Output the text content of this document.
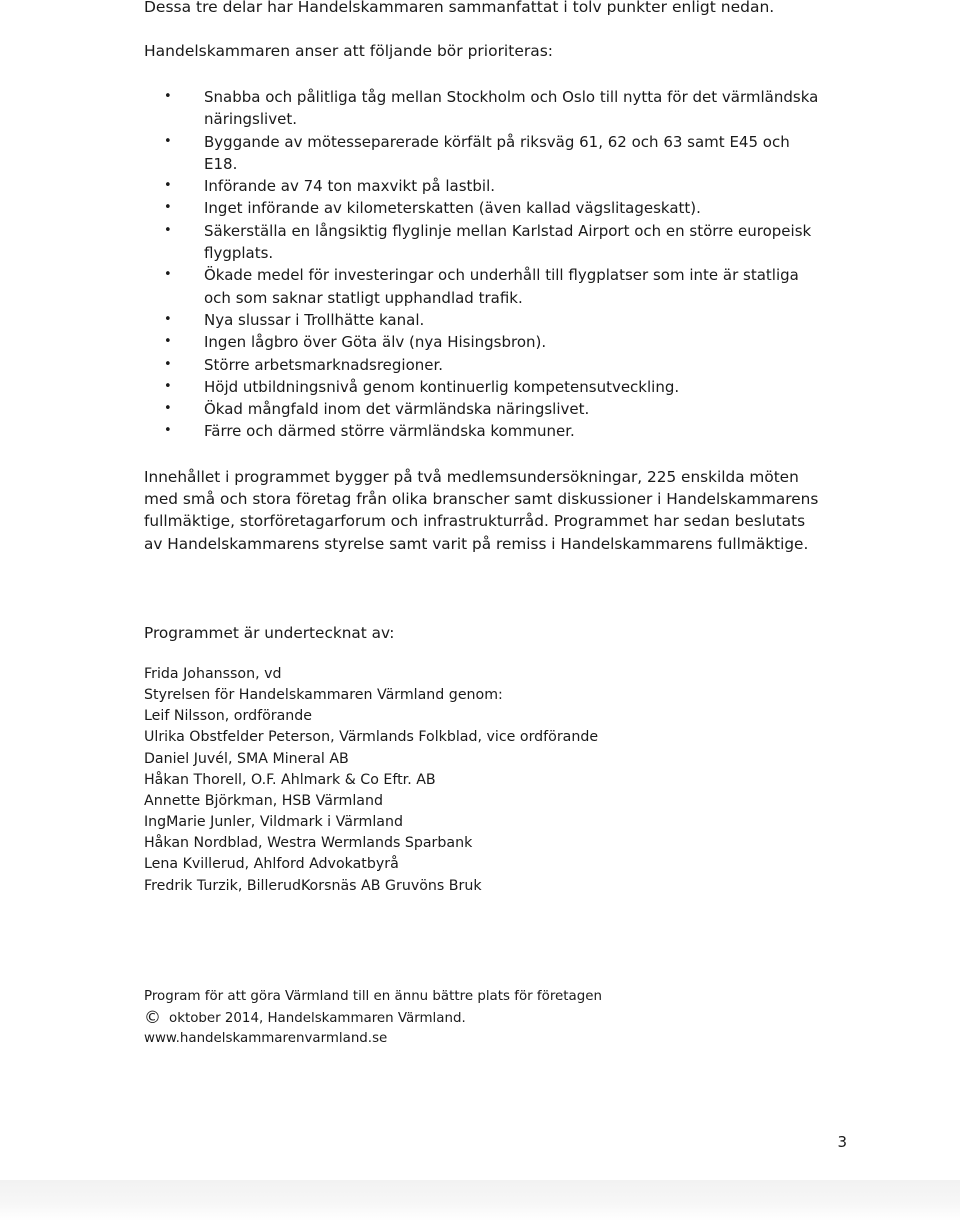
Dessa tre delar har Handelskammaren sammanfattat i tolv punkter enligt nedan.
Handelskammaren anser att följande bör prioriteras:
•	Snabba och pålitliga tåg mellan Stockholm och Oslo till nytta för det värmländska näringslivet.
•	Byggande av mötesseparerade körfält på riksväg 61, 62 och 63 samt E45 och E18.
•	Införande av 74 ton maxvikt på lastbil.
•	Inget införande av kilometerskatten (även kallad vägslitageskatt).
•	Säkerställa en långsiktig flyglinje mellan Karlstad Airport och en större europeisk flygplats.
•	Ökade medel för investeringar och underhåll till flygplatser som inte är statliga och som saknar statligt upphandlad trafik.
•	Nya slussar i Trollhätte kanal.
•	Ingen lågbro över Göta älv (nya Hisingsbron).
•	Större arbetsmarknadsregioner.
•	Höjd utbildningsnivå genom kontinuerlig kompetensutveckling.
•	Ökad mångfald inom det värmländska näringslivet.
•	Färre och därmed större värmländska kommuner.

Innehållet i programmet bygger på två medlemsundersökningar, 225 enskilda möten med små och stora företag från olika branscher samt diskussioner i Handelskammarens fullmäktige, storföretagarforum och infrastrukturråd. Programmet har sedan beslutats av Handelskammarens styrelse samt varit på remiss i Handelskammarens fullmäktige.

Programmet är undertecknat av:
Frida Johansson, vd
Styrelsen för Handelskammaren Värmland genom:
Leif Nilsson, ordförande
Ulrika Obstfelder Peterson, Värmlands Folkblad, vice ordförande
Daniel Juvél, SMA Mineral AB
Håkan Thorell, O.F. Ahlmark & Co Eftr. AB
Annette Björkman, HSB Värmland
IngMarie Junler, Vildmark i Värmland
Håkan Nordblad, Westra Wermlands Sparbank
Lena Kvillerud, Ahlford Advokatbyrå
Fredrik Turzik, BillerudKorsnäs AB Gruvöns Bruk
Program för att göra Värmland till en ännu bättre plats för företagen
© oktober 2014, Handelskammaren Värmland.
www.handelskammarenvarmland.se
3
